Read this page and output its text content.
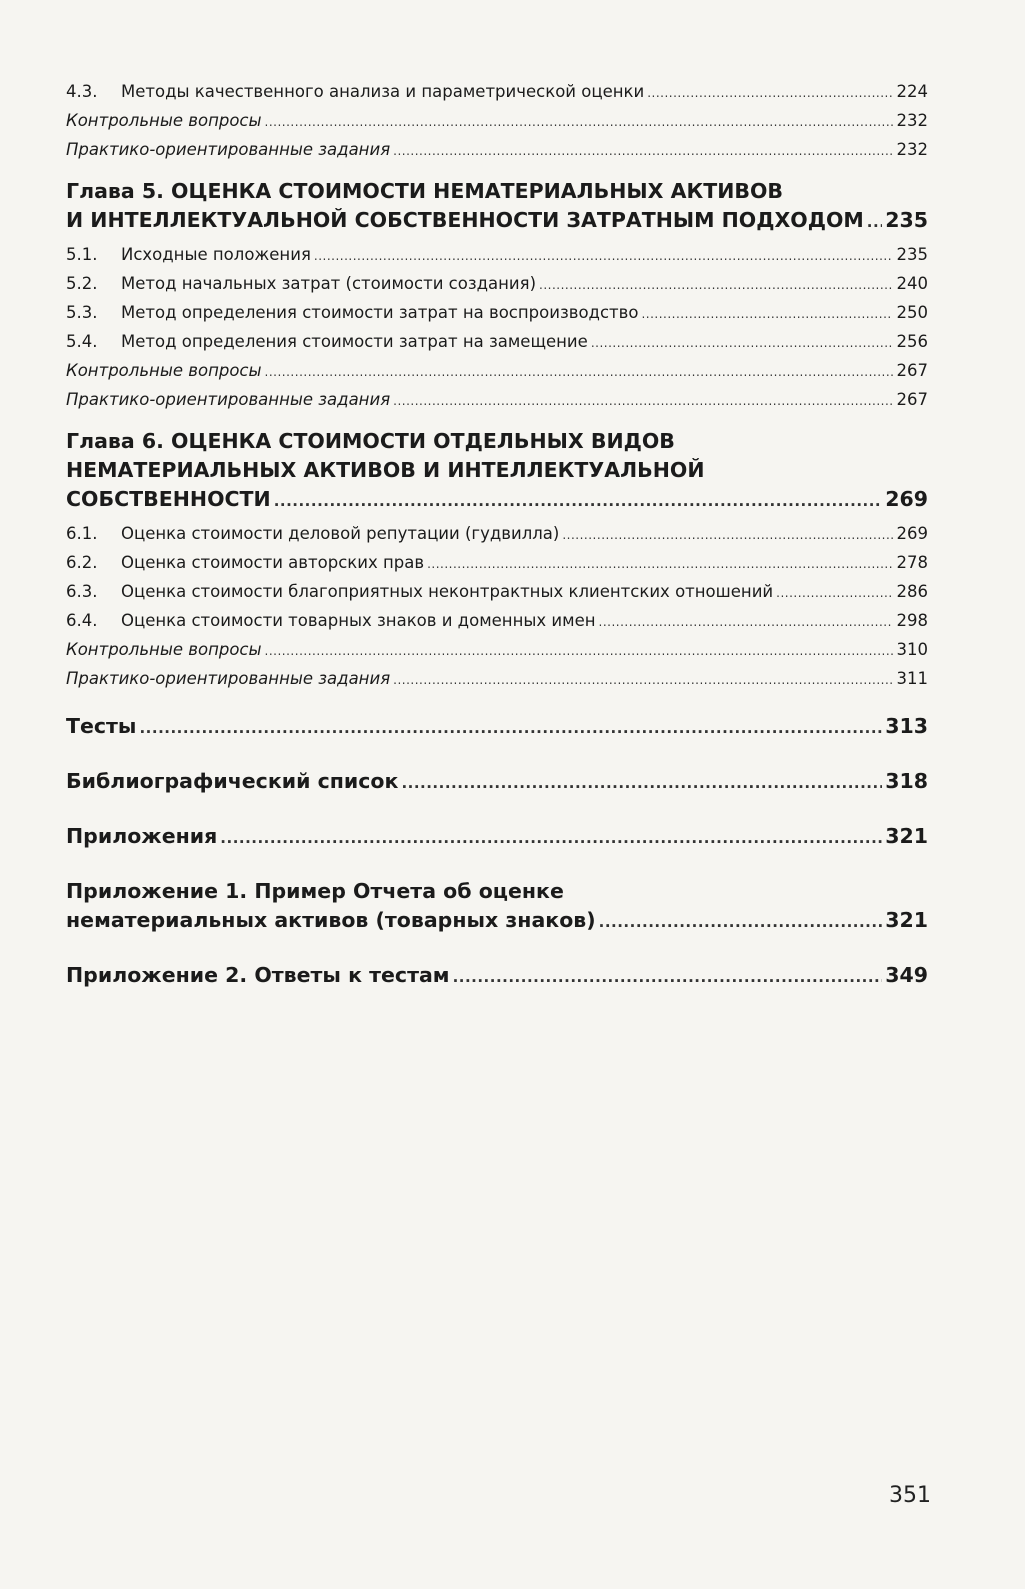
4.3.	Методы качественного анализа и параметрической оценки .....	224
Контрольные вопросы .....	232
Практико-ориентированные задания .....	232
Глава 5. ОЦЕНКА СТОИМОСТИ НЕМАТЕРИАЛЬНЫХ АКТИВОВ
И ИНТЕЛЛЕКТУАЛЬНОЙ СОБСТВЕННОСТИ ЗАТРАТНЫМ ПОДХОДОМ ..... 235
5.1.	Исходные положения .....	235
5.2.	Метод начальных затрат (стоимости создания) .....	240
5.3.	Метод определения стоимости затрат на воспроизводство .....	250
5.4.	Метод определения стоимости затрат на замещение .....	256
Контрольные вопросы .....	267
Практико-ориентированные задания .....	267
Глава 6. ОЦЕНКА СТОИМОСТИ ОТДЕЛЬНЫХ ВИДОВ
НЕМАТЕРИАЛЬНЫХ АКТИВОВ И ИНТЕЛЛЕКТУАЛЬНОЙ
СОБСТВЕННОСТИ .....	269
6.1.	Оценка стоимости деловой репутации (гудвилла) .....	269
6.2.	Оценка стоимости авторских прав .....	278
6.3.	Оценка стоимости благоприятных неконтрактных клиентских отношений .....	286
6.4.	Оценка стоимости товарных знаков и доменных имен .....	298
Контрольные вопросы .....	310
Практико-ориентированные задания .....	311
Тесты .....	313
Библиографический список .....	318
Приложения .....	321
Приложение 1. Пример Отчета об оценке
нематериальных активов (товарных знаков) .....	321
Приложение 2. Ответы к тестам .....	349
351
